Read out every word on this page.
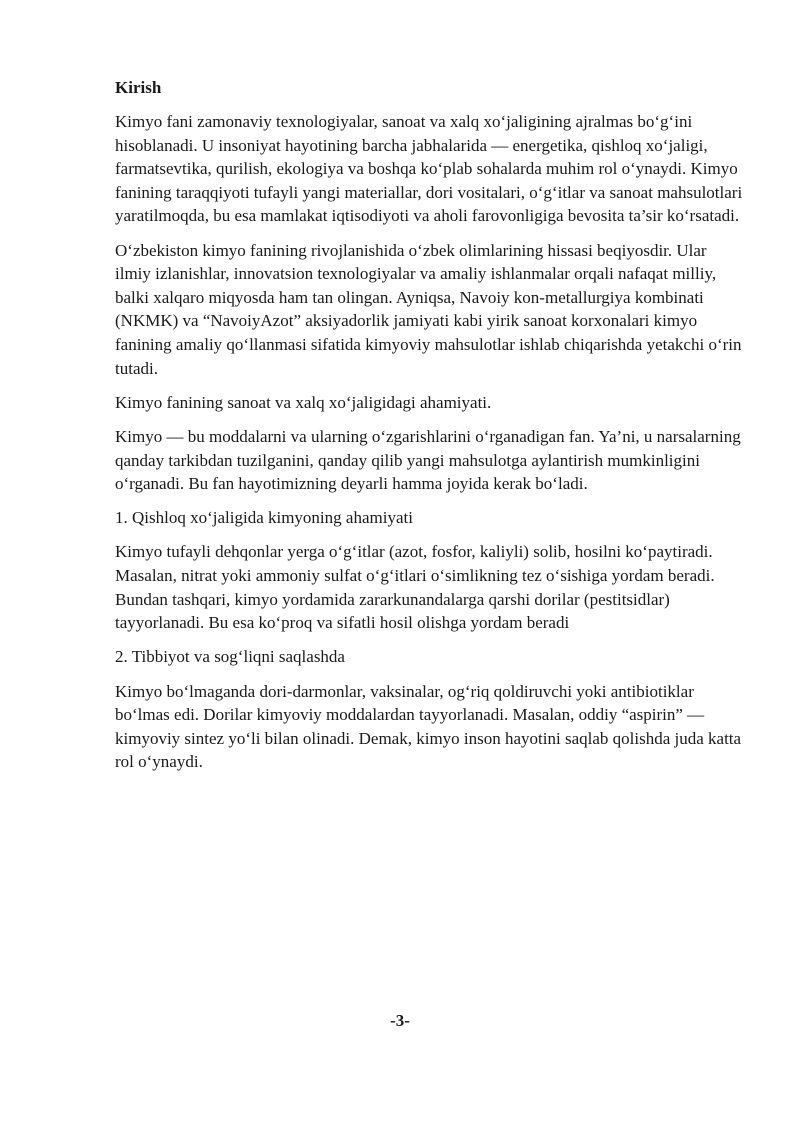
Kirish

Kimyo fani zamonaviy texnologiyalar, sanoat va xalq xo‘jaligining ajralmas bo‘g‘ini hisoblanadi. U insoniyat hayotining barcha jabhalarida — energetika, qishloq xo‘jaligi, farmatsevtika, qurilish, ekologiya va boshqa ko‘plab sohalarda muhim rol o‘ynaydi. Kimyo fanining taraqqiyoti tufayli yangi materiallar, dori vositalari, o‘g‘itlar va sanoat mahsulotlari yaratilmoqda, bu esa mamlakat iqtisodiyoti va aholi farovonligiga bevosita ta’sir ko‘rsatadi.

O‘zbekiston kimyo fanining rivojlanishida o‘zbek olimlarining hissasi beqiyosdir. Ular ilmiy izlanishlar, innovatsion texnologiyalar va amaliy ishlanmalar orqali nafaqat milliy, balki xalqaro miqyosda ham tan olingan. Ayniqsa, Navoiy kon-metallurgiya kombinati (NKMK) va “NavoiyAzot” aksiyadorlik jamiyati kabi yirik sanoat korxonalari kimyo fanining amaliy qo‘llanmasi sifatida kimyoviy mahsulotlar ishlab chiqarishda yetakchi o‘rin tutadi.

Kimyo fanining sanoat va xalq xo‘jaligidagi ahamiyati.

Kimyo — bu moddalarni va ularning o‘zgarishlarini o‘rganadigan fan. Ya’ni, u narsalarning qanday tarkibdan tuzilganini, qanday qilib yangi mahsulotga aylantirish mumkinligini o‘rganadi. Bu fan hayotimizning deyarli hamma joyida kerak bo‘ladi.

1. Qishloq xo‘jaligida kimyoning ahamiyati

Kimyo tufayli dehqonlar yerga o‘g‘itlar (azot, fosfor, kaliyli) solib, hosilni ko‘paytiradi. Masalan, nitrat yoki ammoniy sulfat o‘g‘itlari o‘simlikning tez o‘sishiga yordam beradi. Bundan tashqari, kimyo yordamida zararkunandalarga qarshi dorilar (pestitsidlar) tayyorlanadi. Bu esa ko‘proq va sifatli hosil olishga yordam beradi

2. Tibbiyot va sog‘liqni saqlashda

Kimyo bo‘lmaganda dori-darmonlar, vaksinalar, og‘riq qoldiruvchi yoki antibiotiklar bo‘lmas edi. Dorilar kimyoviy moddalardan tayyorlanadi. Masalan, oddiy “aspirin” — kimyoviy sintez yo‘li bilan olinadi. Demak, kimyo inson hayotini saqlab qolishda juda katta rol o‘ynaydi.

-3-
